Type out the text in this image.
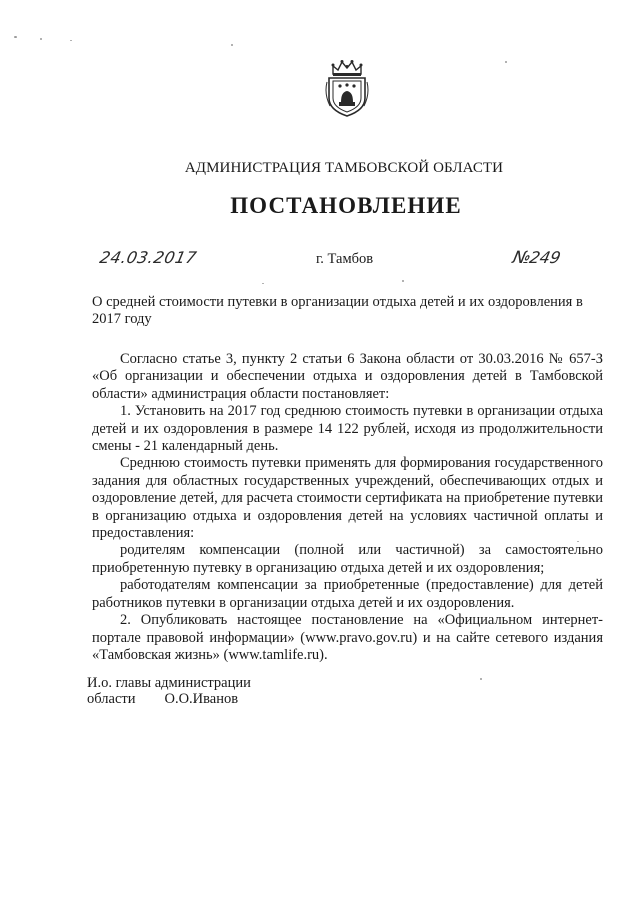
АДМИНИСТРАЦИЯ ТАМБОВСКОЙ ОБЛАСТИ
ПОСТАНОВЛЕНИЕ
24.03.2017	г. Тамбов	№249
О средней стоимости путевки в организации отдыха детей и их оздоровления в 2017 году

Согласно статье 3, пункту 2 статьи 6 Закона области от 30.03.2016 № 657-З «Об организации и обеспечении отдыха и оздоровления детей в Тамбовской области» администрация области постановляет:

1. Установить на 2017 год среднюю стоимость путевки в организации отдыха детей и их оздоровления в размере 14 122 рублей, исходя из продолжительности смены - 21 календарный день.

Среднюю стоимость путевки применять для формирования государственного задания для областных государственных учреждений, обеспечивающих отдых и оздоровление детей, для расчета стоимости сертификата на приобретение путевки в организацию отдыха и оздоровления детей на условиях частичной оплаты и предоставления:

родителям компенсации (полной или частичной) за самостоятельно приобретенную путевку в организацию отдыха детей и их оздоровления;

работодателям компенсации за приобретенные (предоставление) для детей работников путевки в организации отдыха детей и их оздоровления.

2. Опубликовать настоящее постановление на «Официальном интернет-портале правовой информации» (www.pravo.gov.ru) и на сайте сетевого издания «Тамбовская жизнь» (www.tamlife.ru).

И.о. главы администрации
области О.О.Иванов
